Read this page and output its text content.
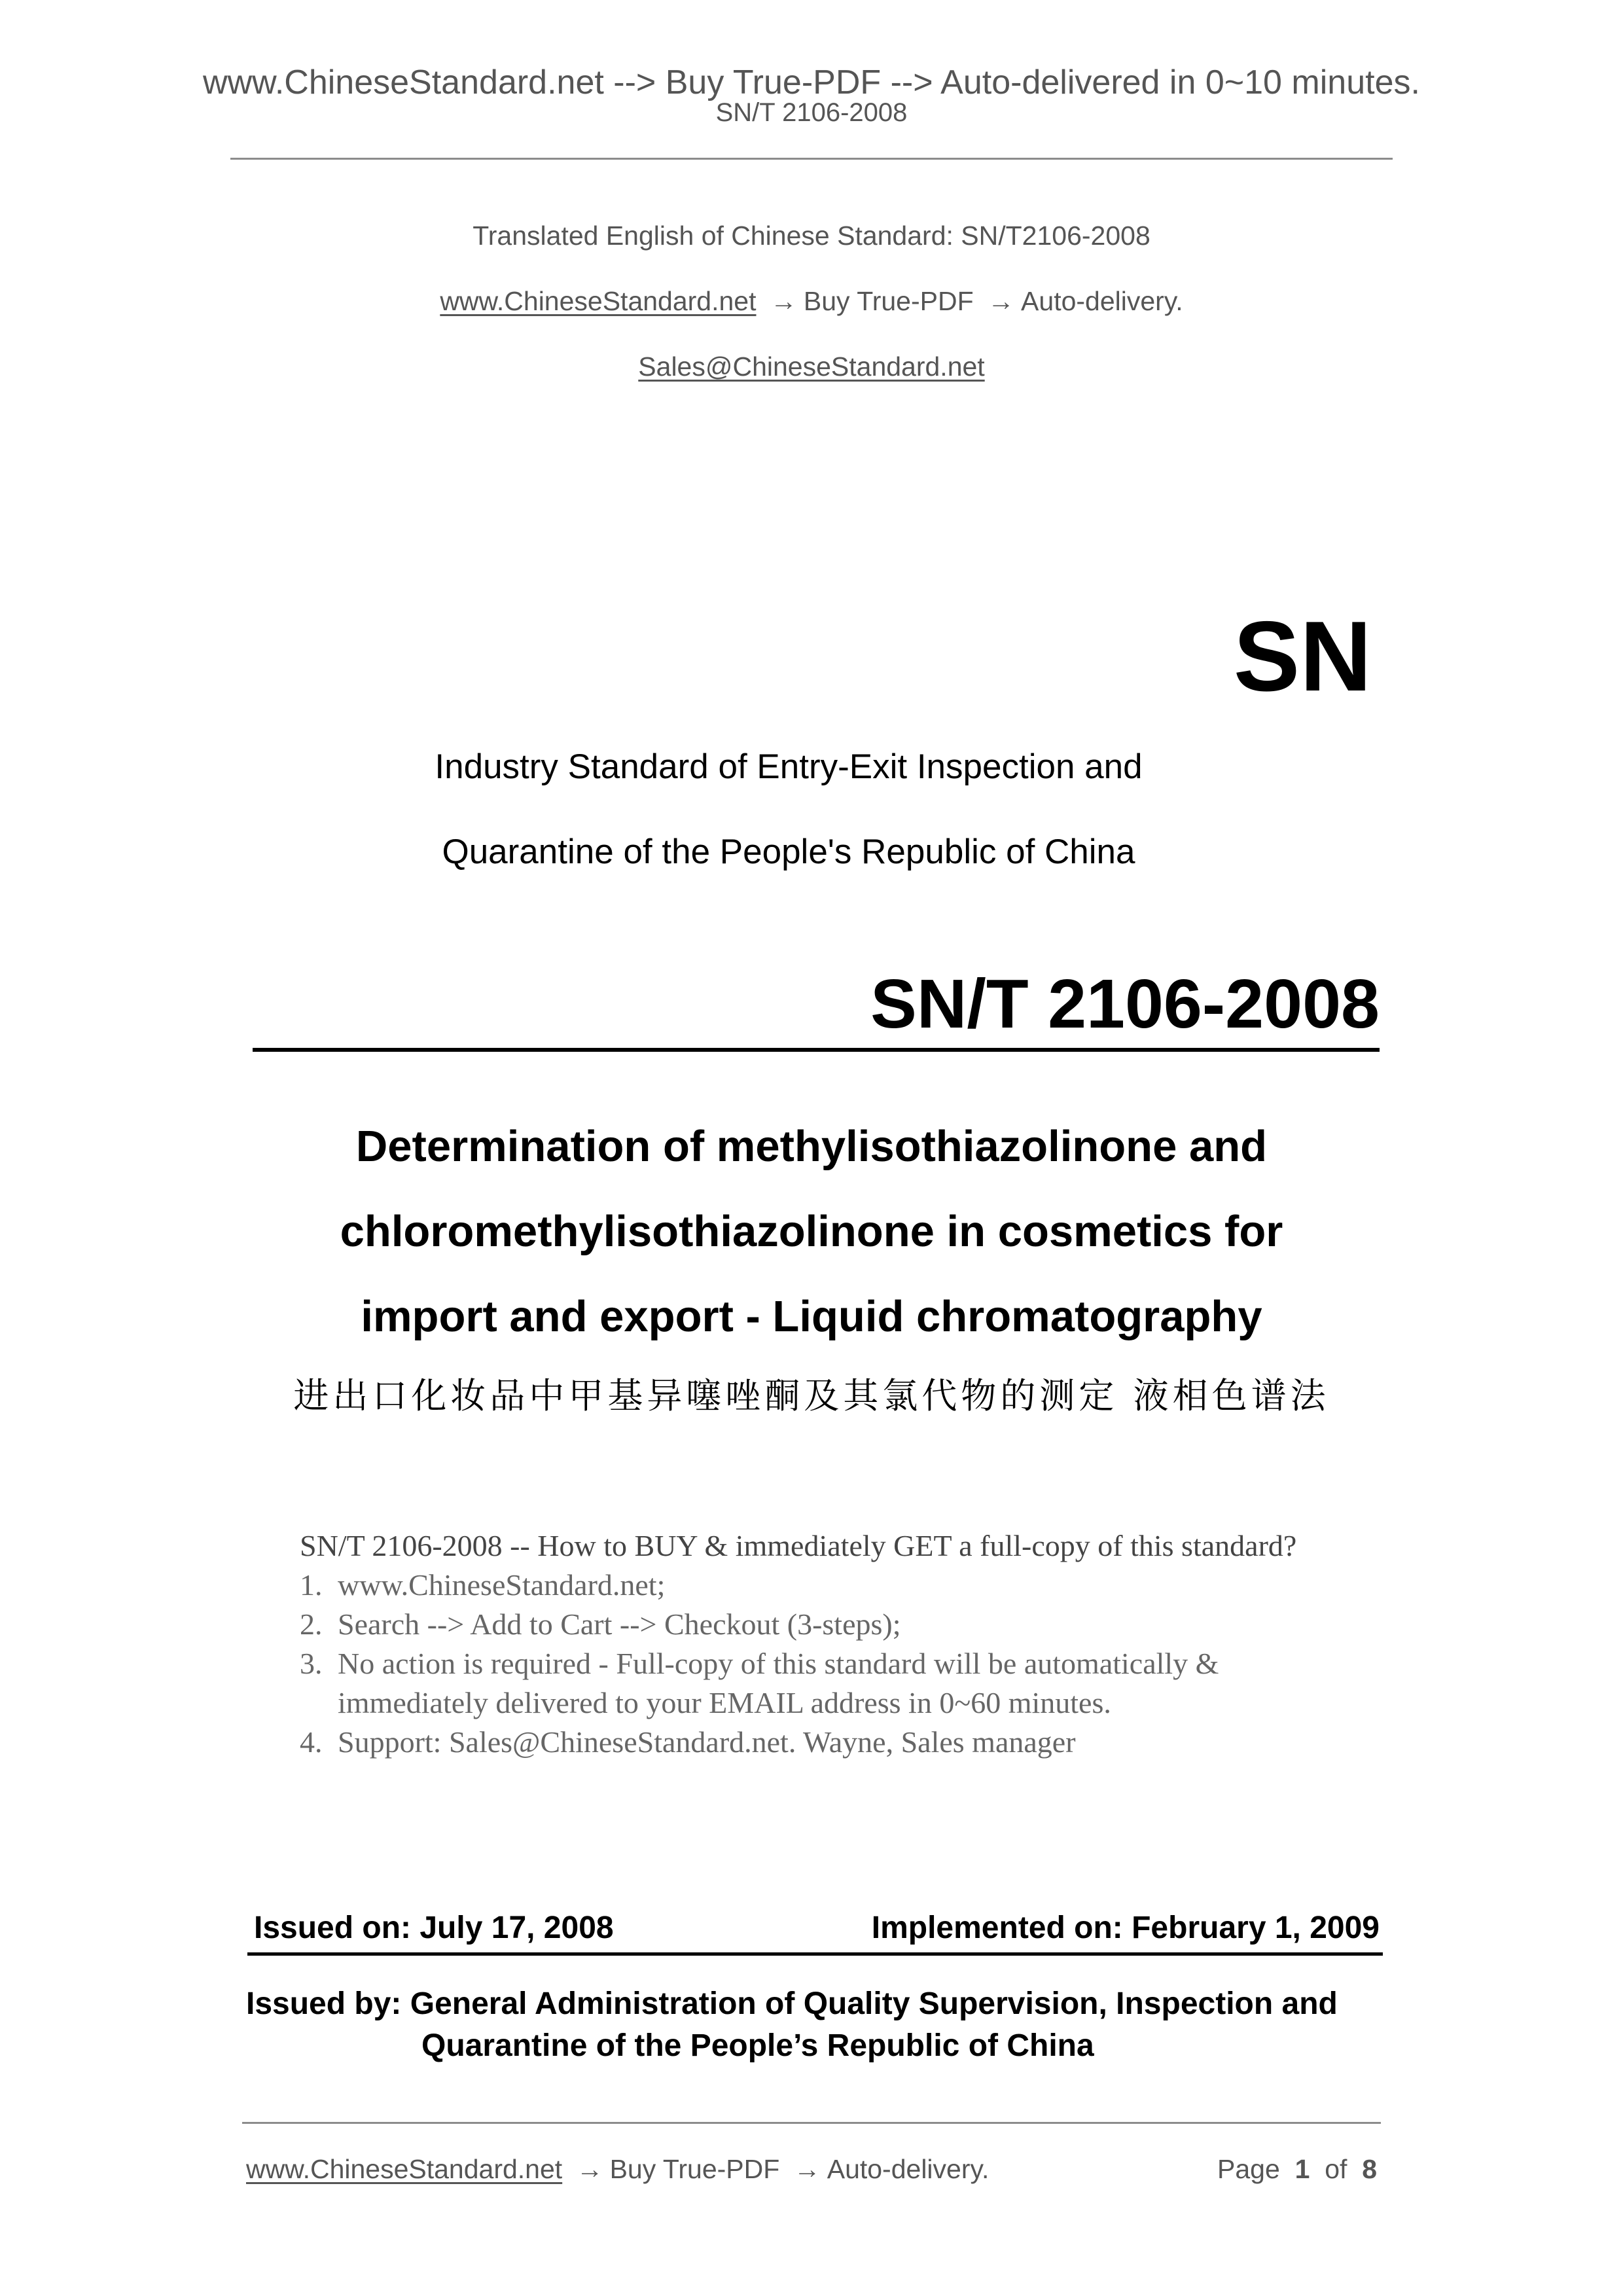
www.ChineseStandard.net --> Buy True-PDF --> Auto-delivered in 0~10 minutes.
SN/T 2106-2008
Translated English of Chinese Standard: SN/T2106-2008
www.ChineseStandard.net → Buy True-PDF → Auto-delivery.
Sales@ChineseStandard.net
SN
Industry Standard of Entry-Exit Inspection and
Quarantine of the People's Republic of China
SN/T 2106-2008
Determination of methylisothiazolinone and
chloromethylisothiazolinone in cosmetics for
import and export - Liquid chromatography
进出口化妆品中甲基异噻唑酮及其氯代物的测定 液相色谱法
SN/T 2106-2008 -- How to BUY & immediately GET a full-copy of this standard?
1. www.ChineseStandard.net;
2. Search --> Add to Cart --> Checkout (3-steps);
3. No action is required - Full-copy of this standard will be automatically &
immediately delivered to your EMAIL address in 0~60 minutes.
4. Support: Sales@ChineseStandard.net. Wayne, Sales manager
Issued on: July 17, 2008	Implemented on: February 1, 2009
Issued by: General Administration of Quality Supervision, Inspection and
Quarantine of the People’s Republic of China
www.ChineseStandard.net → Buy True-PDF → Auto-delivery.	Page 1 of 8
